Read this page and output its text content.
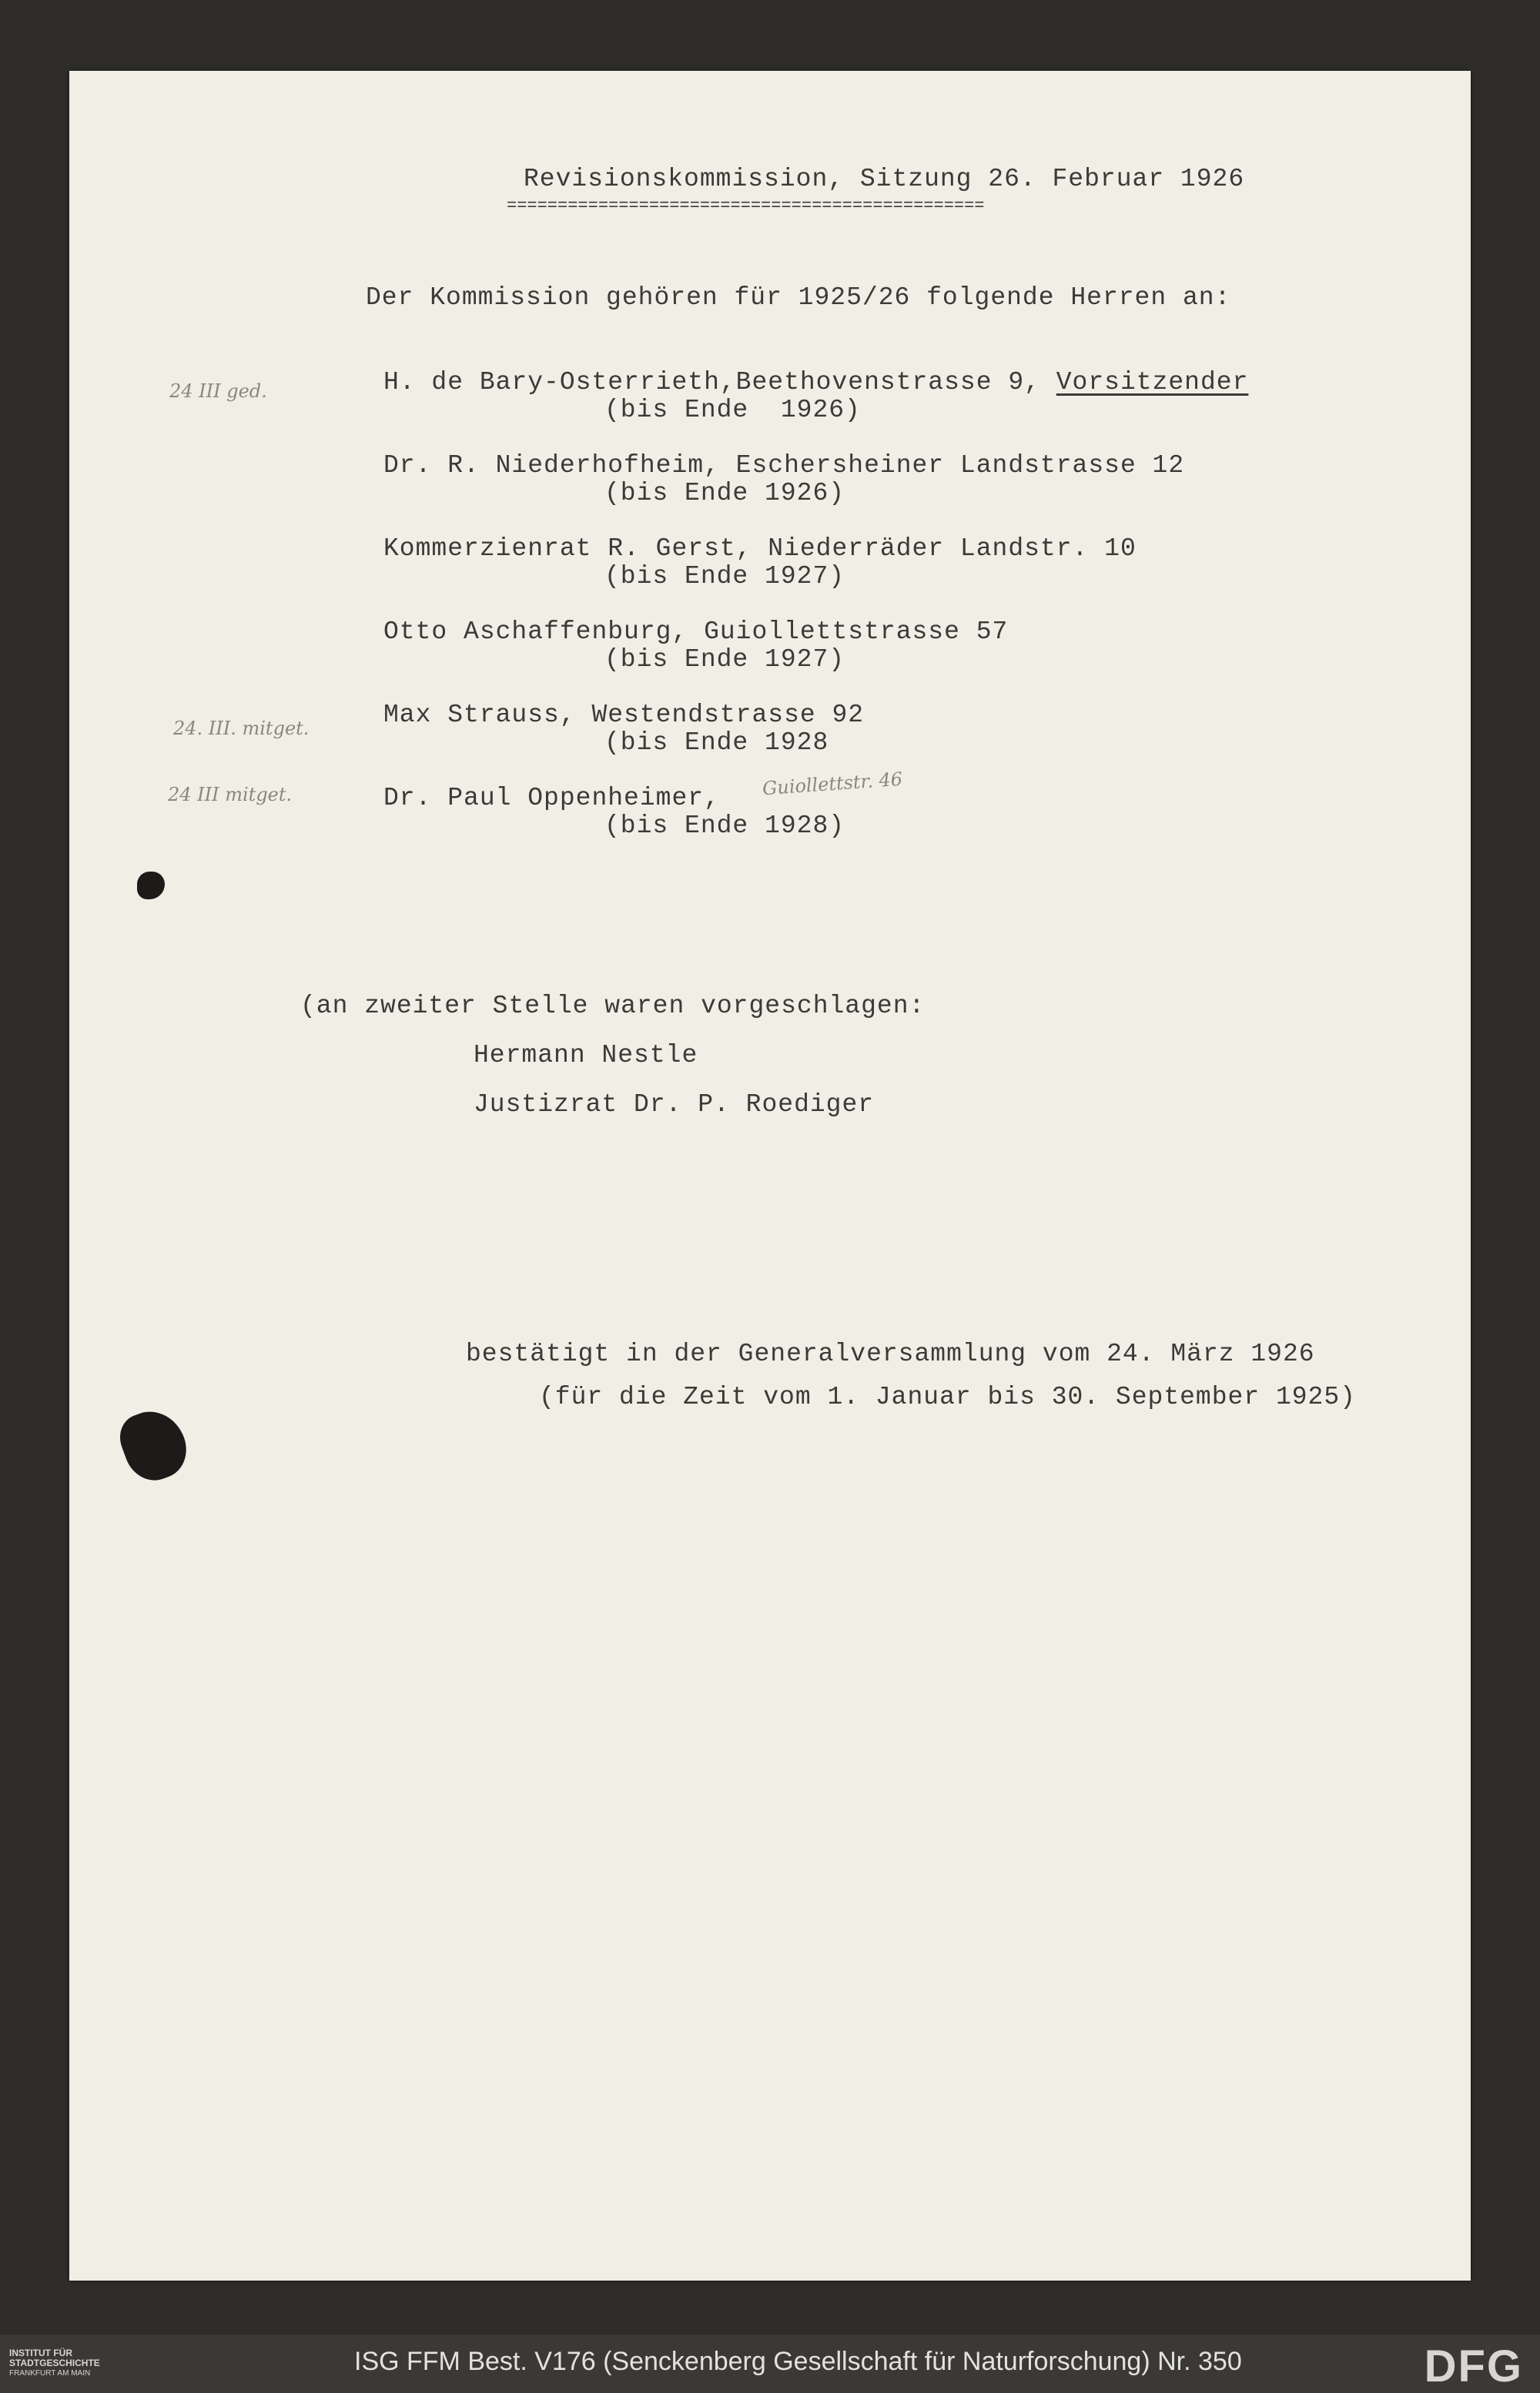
Revisionskommission, Sitzung 26. Februar 1926
===============================================
Der Kommission gehören für 1925/26 folgende Herren an:
24 III ged.	H. de Bary-Osterrieth,Beethovenstrasse 9, Vorsitzender
(bis Ende  1926)
Dr. R. Niederhofheim, Eschersheiner Landstrasse 12
(bis Ende 1926)
Kommerzienrat R. Gerst, Niederräder Landstr. 10
(bis Ende 1927)
Otto Aschaffenburg, Guiollettstrasse 57
(bis Ende 1927)
24. III. mitget.	Max Strauss, Westendstrasse 92
(bis Ende 1928
24 III mitget.	Dr. Paul Oppenheimer, Guiollettstr. 46
(bis Ende 1928)
(an zweiter Stelle waren vorgeschlagen:
Hermann Nestle
Justizrat Dr. P. Roediger
bestätigt in der Generalversammlung vom 24. März 1926
(für die Zeit vom 1. Januar bis 30. September 1925)
INSTITUT FÜR
STADTGESCHICHTE
FRANKFURT AM MAIN	ISG FFM Best. V176 (Senckenberg Gesellschaft für Naturforschung) Nr. 350	DFG
